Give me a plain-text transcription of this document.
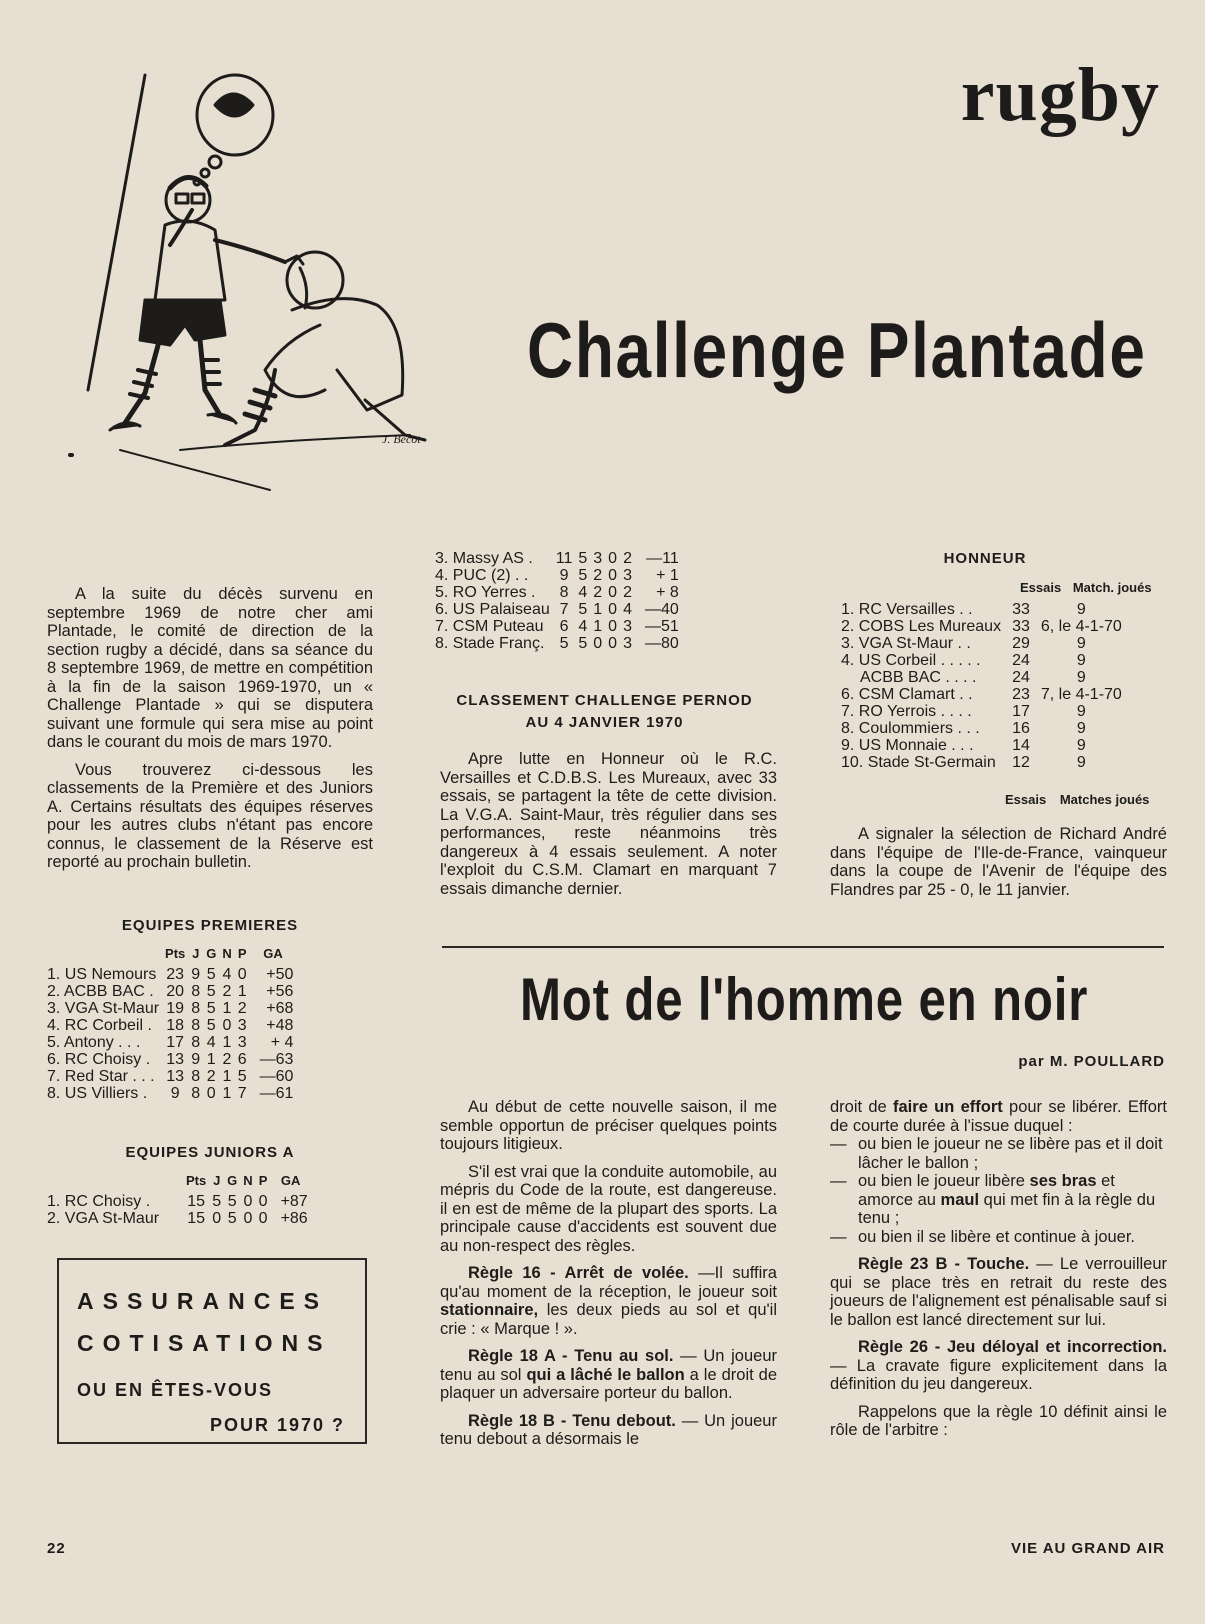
rugby
J. Bécot
Challenge Plantade

A la suite du décès survenu en septembre 1969 de notre cher ami Plantade, le comité de direction de la section rugby a décidé, dans sa séance du 8 septembre 1969, de mettre en compétition à la fin de la saison 1969-1970, un « Challenge Plantade » qui se disputera suivant une formule qui sera mise au point dans le courant du mois de mars 1970.

Vous trouverez ci-dessous les classements de la Première et des Juniors A. Certains résultats des équipes réserves pour les autres clubs n'étant pas encore connus, le classement de la Réserve est reporté au prochain bulletin.

EQUIPES PREMIERES
	Pts	J	G	N	P	GA
1. US Nemours	23	9	5	4	0	+50
2. ACBB BAC .	20	8	5	2	1	+56
3. VGA St-Maur	19	8	5	1	2	+68
4. RC Corbeil .	18	8	5	0	3	+48
5. Antony . . .	17	8	4	1	3	+ 4
6. RC Choisy .	13	9	1	2	6	—63
7. Red Star . . .	13	8	2	1	5	—60
8. US Villiers .	9	8	0	1	7	—61
EQUIPES JUNIORS A
	Pts	J	G	N	P	GA
1. RC Choisy .	15	5	5	0	0	+87
2. VGA St-Maur	15	0	5	0	0	+86
ASSURANCES
COTISATIONS
OU EN ÊTES-VOUS
POUR 1970 ?
3. Massy AS .	11	5	3	0	2	—11
4. PUC (2) . .	9	5	2	0	3	+ 1
5. RO Yerres .	8	4	2	0	2	+ 8
6. US Palaiseau	7	5	1	0	4	—40
7. CSM Puteau	6	4	1	0	3	—51
8. Stade Franç.	5	5	0	0	3	—80
CLASSEMENT CHALLENGE PERNOD
AU 4 JANVIER 1970

Apre lutte en Honneur où le R.C. Versailles et C.D.B.S. Les Mureaux, avec 33 essais, se partagent la tête de cette division. La V.G.A. Saint-Maur, très régulier dans ses performances, reste néanmoins très dangereux à 4 essais seulement. A noter l'exploit du C.S.M. Clamart en marquant 7 essais dimanche dernier.

HONNEUR
Essais Match. joués
1. RC Versailles . .	33	9
2. COBS Les Mureaux	33	6, le 4-1-70
3. VGA St-Maur . .	29	9
4. US Corbeil . . . . .	24	9
ACBB BAC . . . .	24	9
6. CSM Clamart . .	23	7, le 4-1-70
7. RO Yerrois . . . .	17	9
8. Coulommiers . . .	16	9
9. US Monnaie . . .	14	9
10. Stade St-Germain	12	9
Essais Matches joués

A signaler la sélection de Richard André dans l'équipe de l'Ile-de-France, vainqueur dans la coupe de l'Avenir de l'équipe des Flandres par 25 - 0, le 11 janvier.

Mot de l'homme en noir
par M. POULLARD

Au début de cette nouvelle saison, il me semble opportun de préciser quelques points toujours litigieux.

S'il est vrai que la conduite automobile, au mépris du Code de la route, est dangereuse. il en est de même de la plupart des sports. La principale cause d'accidents est souvent due au non-respect des règles.

Règle 16 - Arrêt de volée. —Il suffira qu'au moment de la réception, le joueur soit stationnaire, les deux pieds au sol et qu'il crie : « Marque ! ».

Règle 18 A - Tenu au sol. — Un joueur tenu au sol qui a lâché le ballon a le droit de plaquer un adversaire porteur du ballon.

Règle 18 B - Tenu debout. — Un joueur tenu debout a désormais le

droit de faire un effort pour se libérer. Effort de courte durée à l'issue duquel :

— ou bien le joueur ne se libère pas et il doit lâcher le ballon ;
— ou bien le joueur libère ses bras et amorce au maul qui met fin à la règle du tenu ;
— ou bien il se libère et continue à jouer.

Règle 23 B - Touche. — Le verrouilleur qui se place très en retrait du reste des joueurs de l'alignement est pénalisable sauf si le ballon est lancé directement sur lui.

Règle 26 - Jeu déloyal et incorrection. — La cravate figure explicitement dans la définition du jeu dangereux.

Rappelons que la règle 10 définit ainsi le rôle de l'arbitre :

22	VIE AU GRAND AIR
